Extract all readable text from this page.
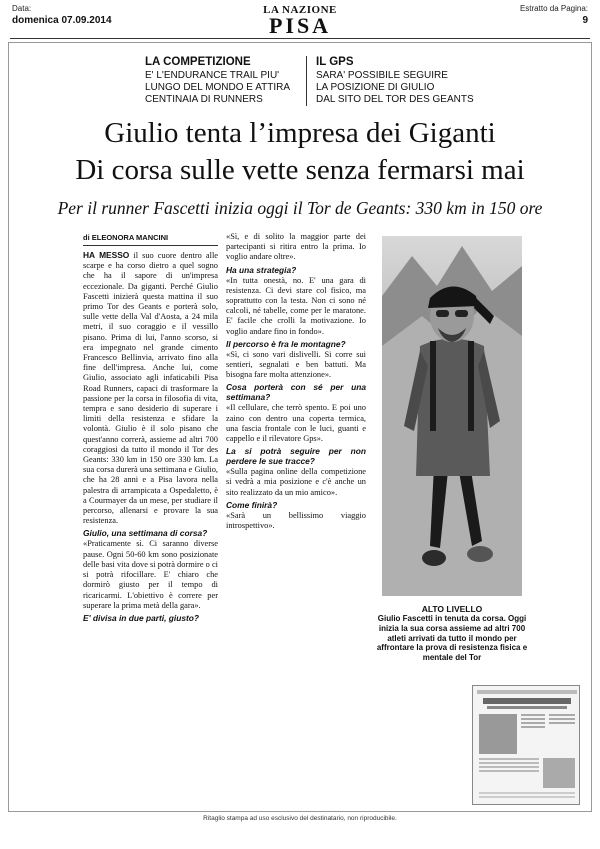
Data:
domenica 07.09.2014
LA NAZIONE
PISA
Estratto da Pagina:
9
LA COMPETIZIONE
E' L'ENDURANCE TRAIL PIU'
LUNGO DEL MONDO E ATTIRA
CENTINAIA DI RUNNERS
IL GPS
SARA' POSSIBILE SEGUIRE
LA POSIZIONE DI GIULIO
DAL SITO DEL TOR DES GEANTS
Giulio tenta l’impresa dei Giganti
Di corsa sulle vette senza fermarsi mai
Per il runner Fascetti inizia oggi il Tor de Geants: 330 km in 150 ore
di ELEONORA MANCINI

HA MESSO il suo cuore dentro alle scarpe e ha corso dietro a quel sogno che ha il sapore di un'impresa eccezionale. Da giganti. Perché Giulio Fascetti inizierà questa mattina il suo primo Tor des Geants e porterà solo, sulle vette della Val d'Aosta, a 24 mila metri, il suo coraggio e il vessillo pisano. Prima di lui, l'anno scorso, si era impegnato nel grande cimento Francesco Bellinvia, arrivato fino alla fine dell'impresa. Anche lui, come Giulio, associato agli infaticabili Pisa Road Runners, capaci di trasformare la passione per la corsa in filosofia di vita, tempra e sano desiderio di superare i limiti della resistenza e sfidare la volontà. Giulio è il solo pisano che quest'anno correrà, assieme ad altri 700 coraggiosi da tutto il mondo il Tor des Geants: 330 km in 150 ore 330 km. La sua corsa durerà una settimana e Giulio, che ha 28 anni e a Pisa lavora nella palestra di arrampicata a Ospedaletto, è a Courmayer da un mese, per studiare il percorso, allenarsi e provare la sua resistenza.

Giulio, una settimana di corsa?

«Praticamente sì. Ci saranno diverse pause. Ogni 50-60 km sono posizionate delle basi vita dove si potrà dormire o ci si potrà rifocillare. E' chiaro che dormirò giusto per il tempo di ricaricarmi. L'obiettivo è correre per superare la prima metà della gara».

E' divisa in due parti, giusto?

«Sì, e di solito la maggior parte dei partecipanti si ritira entro la prima. Io voglio andare oltre».

Ha una strategia?

«In tutta onestà, no. E' una gara di resistenza. Ci devi stare col fisico, ma soprattutto con la testa. Non ci sono né calcoli, né tabelle, come per le maratone. E' facile che crolli la motivazione. Io voglio andare fino in fondo».

Il percorso è fra le montagne?

«Sì, ci sono vari dislivelli. Si corre sui sentieri, segnalati e ben battuti. Ma bisogna fare molta attenzione».

Cosa porterà con sé per una settimana?

«Il cellulare, che terrò spento. E poi uno zaino con dentro una coperta termica, una fascia frontale con le luci, guanti e cappello e il rilevatore Gps».

La si potrà seguire per non perdere le sue tracce?

«Sulla pagina online della competizione si vedrà a mia posizione e c'è anche un sito realizzato da un mio amico».

Come finirà?

«Sarà un bellissimo viaggio introspettivo».

ALTO LIVELLO
Giulio Fascetti in tenuta da corsa. Oggi inizia la sua corsa assieme ad altri 700 atleti arrivati da tutto il mondo per affrontare la prova di resistenza fisica e mentale del Tor
Ritaglio stampa ad uso esclusivo del destinatario, non riproducibile.
